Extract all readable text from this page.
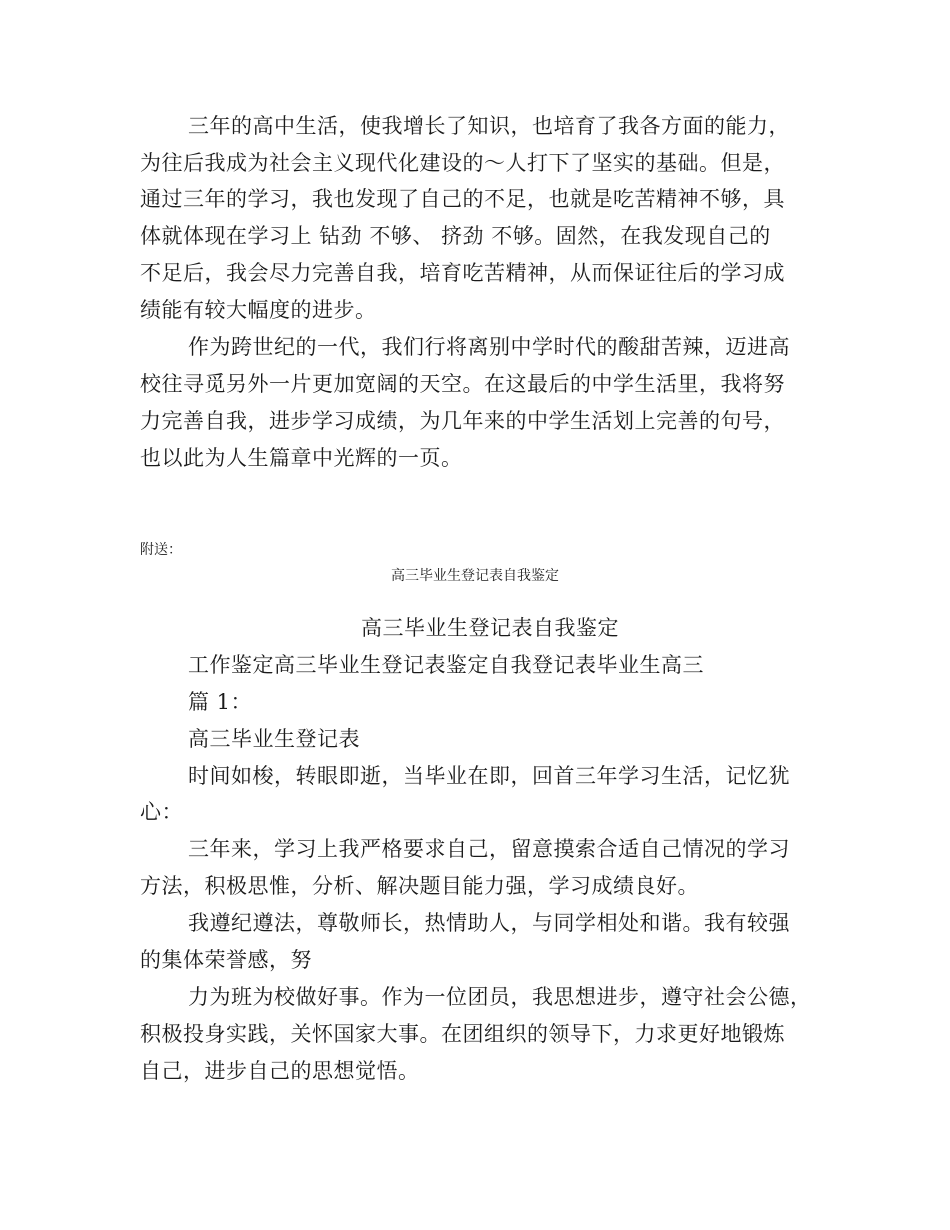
三年的高中生活，使我增长了知识，也培育了我各方面的能力，
为往后我成为社会主义现代化建设的～人打下了坚实的基础。但是，
通过三年的学习，我也发现了自己的不足，也就是吃苦精神不够，具
体就体现在学习上 钻劲 不够、 挤劲 不够。固然，在我发现自己的
不足后，我会尽力完善自我，培育吃苦精神，从而保证往后的学习成
绩能有较大幅度的进步。
作为跨世纪的一代，我们行将离别中学时代的酸甜苦辣，迈进高
校往寻觅另外一片更加宽阔的天空。在这最后的中学生活里，我将努
力完善自我，进步学习成绩，为几年来的中学生活划上完善的句号，
也以此为人生篇章中光辉的一页。
附送：
高三毕业生登记表自我鉴定
高三毕业生登记表自我鉴定
工作鉴定高三毕业生登记表鉴定自我登记表毕业生高三
篇 1：
高三毕业生登记表
时间如梭，转眼即逝，当毕业在即，回首三年学习生活，记忆犹
心：
三年来，学习上我严格要求自己，留意摸索合适自己情况的学习
方法，积极思惟，分析、解决题目能力强，学习成绩良好。
我遵纪遵法，尊敬师长，热情助人，与同学相处和谐。我有较强
的集体荣誉感，努
力为班为校做好事。作为一位团员，我思想进步，遵守社会公德，
积极投身实践，关怀国家大事。在团组织的领导下，力求更好地锻炼
自己，进步自己的思想觉悟。
